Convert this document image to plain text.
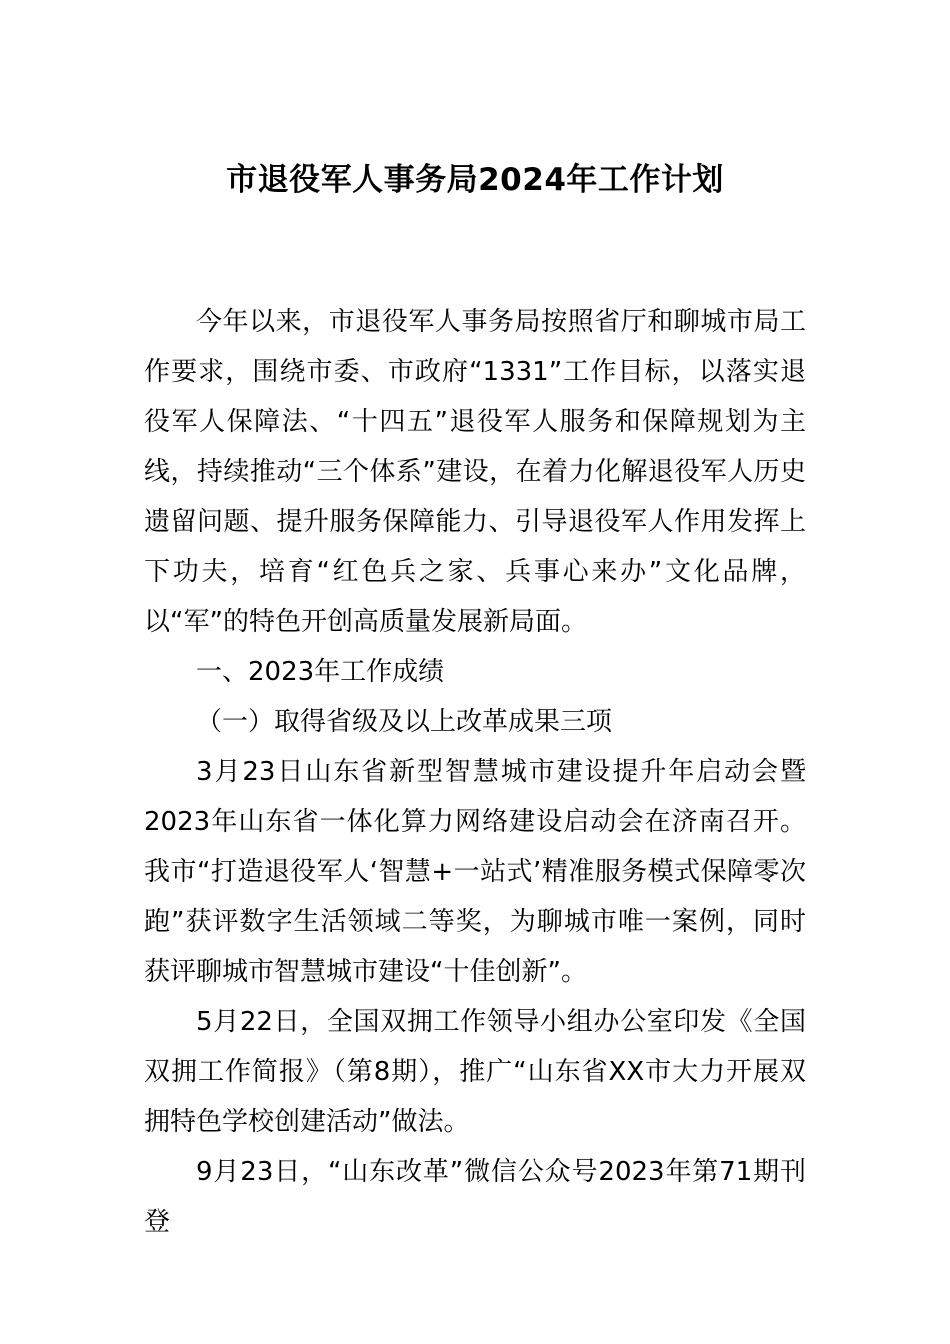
市退役军人事务局2024年工作计划

今年以来，市退役军人事务局按照省厅和聊城市局工作要求，围绕市委、市政府“1331”工作目标，以落实退役军人保障法、“十四五”退役军人服务和保障规划为主线，持续推动“三个体系”建设，在着力化解退役军人历史遗留问题、提升服务保障能力、引导退役军人作用发挥上下功夫，培育“红色兵之家、兵事心来办”文化品牌，以“军”的特色开创高质量发展新局面。

一、2023年工作成绩

（一）取得省级及以上改革成果三项

3月23日山东省新型智慧城市建设提升年启动会暨2023年山东省一体化算力网络建设启动会在济南召开。我市“打造退役军人‘智慧+一站式’精准服务模式保障零次跑”获评数字生活领域二等奖，为聊城市唯一案例，同时获评聊城市智慧城市建设“十佳创新”。

5月22日，全国双拥工作领导小组办公室印发《全国双拥工作简报》（第8期），推广“山东省XX市大力开展双拥特色学校创建活动”做法。

9月23日，“山东改革”微信公众号2023年第71期刊登
